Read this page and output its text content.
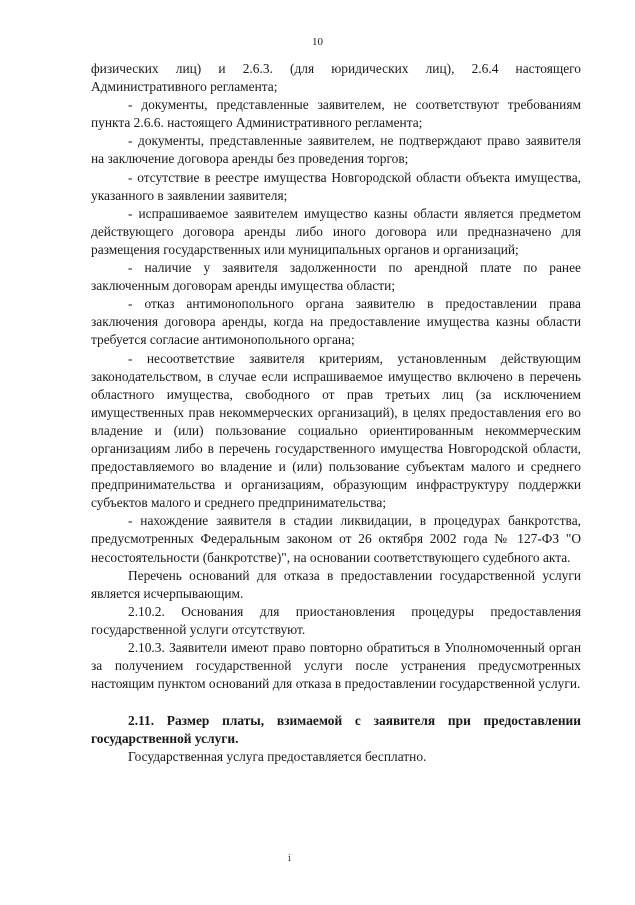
10

физических лиц) и 2.6.3. (для юридических лиц), 2.6.4 настоящего Административного регламента;

- документы, представленные заявителем, не соответствуют требованиям пункта 2.6.6. настоящего Административного регламента;

- документы, представленные заявителем, не подтверждают право заявителя на заключение договора аренды без проведения торгов;

- отсутствие в реестре имущества Новгородской области объекта имущества, указанного в заявлении заявителя;

- испрашиваемое заявителем имущество казны области является предметом действующего договора аренды либо иного договора или предназначено для размещения государственных или муниципальных органов и организаций;

- наличие у заявителя задолженности по арендной плате по ранее заключенным договорам аренды имущества области;

- отказ антимонопольного органа заявителю в предоставлении права заключения договора аренды, когда на предоставление имущества казны области требуется согласие антимонопольного органа;

- несоответствие заявителя критериям, установленным действующим законодательством, в случае если испрашиваемое имущество включено в перечень областного имущества, свободного от прав третьих лиц (за исключением имущественных прав некоммерческих организаций), в целях предоставления его во владение и (или) пользование социально ориентированным некоммерческим организациям либо в перечень государственного имущества Новгородской области, предоставляемого во владение и (или) пользование субъектам малого и среднего предпринимательства и организациям, образующим инфраструктуру поддержки субъектов малого и среднего предпринимательства;

- нахождение заявителя в стадии ликвидации, в процедурах банкротства, предусмотренных Федеральным законом от 26 октября 2002 года № 127-ФЗ "О несостоятельности (банкротстве)", на основании соответствующего судебного акта.

Перечень оснований для отказа в предоставлении государственной услуги является исчерпывающим.

2.10.2. Основания для приостановления процедуры предоставления государственной услуги отсутствуют.

2.10.3. Заявители имеют право повторно обратиться в Уполномоченный орган за получением государственной услуги после устранения предусмотренных настоящим пунктом оснований для отказа в предоставлении государственной услуги.

2.11. Размер платы, взимаемой с заявителя при предоставлении государственной услуги.

Государственная услуга предоставляется бесплатно.

ⅰ
